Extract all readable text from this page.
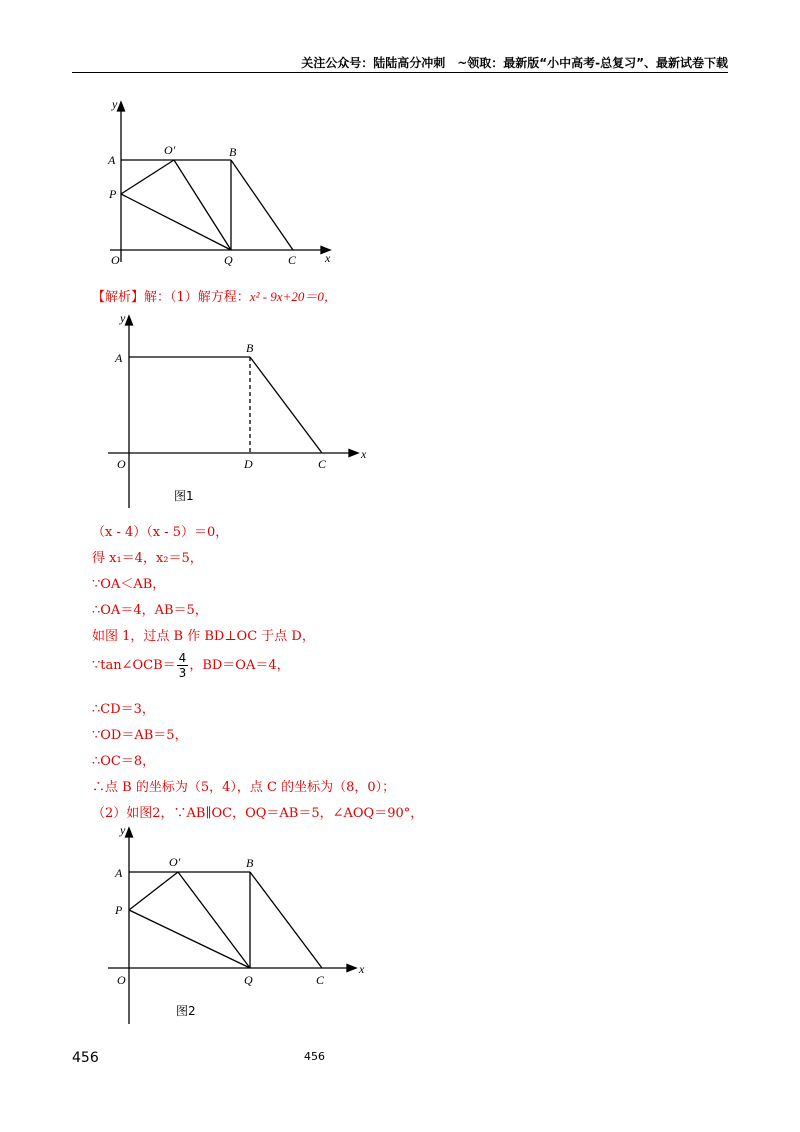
关注公众号：陆陆高分冲刺　~领取：最新版“小中高考-总复习”、最新试卷下载
y
A
P
O′	B
O	Q	C x
【解析】解：（1）解方程：x² - 9x+20＝0，
y
A
B
O	D	C
x
图1
（x - 4）（x - 5）＝0，
得 x₁＝4，x₂＝5，
∵OA＜AB，
∴OA＝4，AB＝5，
如图 1，过点 B 作 BD⊥OC 于点 D，
∵tan∠OCB＝ $\frac{4}{3}$ ，BD＝OA＝4，
∴CD＝3，
∵OD＝AB＝5，
∴OC＝8，
∴点 B 的坐标为（5，4），点 C 的坐标为（8，0）；
（2）如图2，∵AB∥OC，OQ＝AB＝5，∠AOQ＝90°，
y
A
P
O′	B
O	Q	C
x
图2
456	456
